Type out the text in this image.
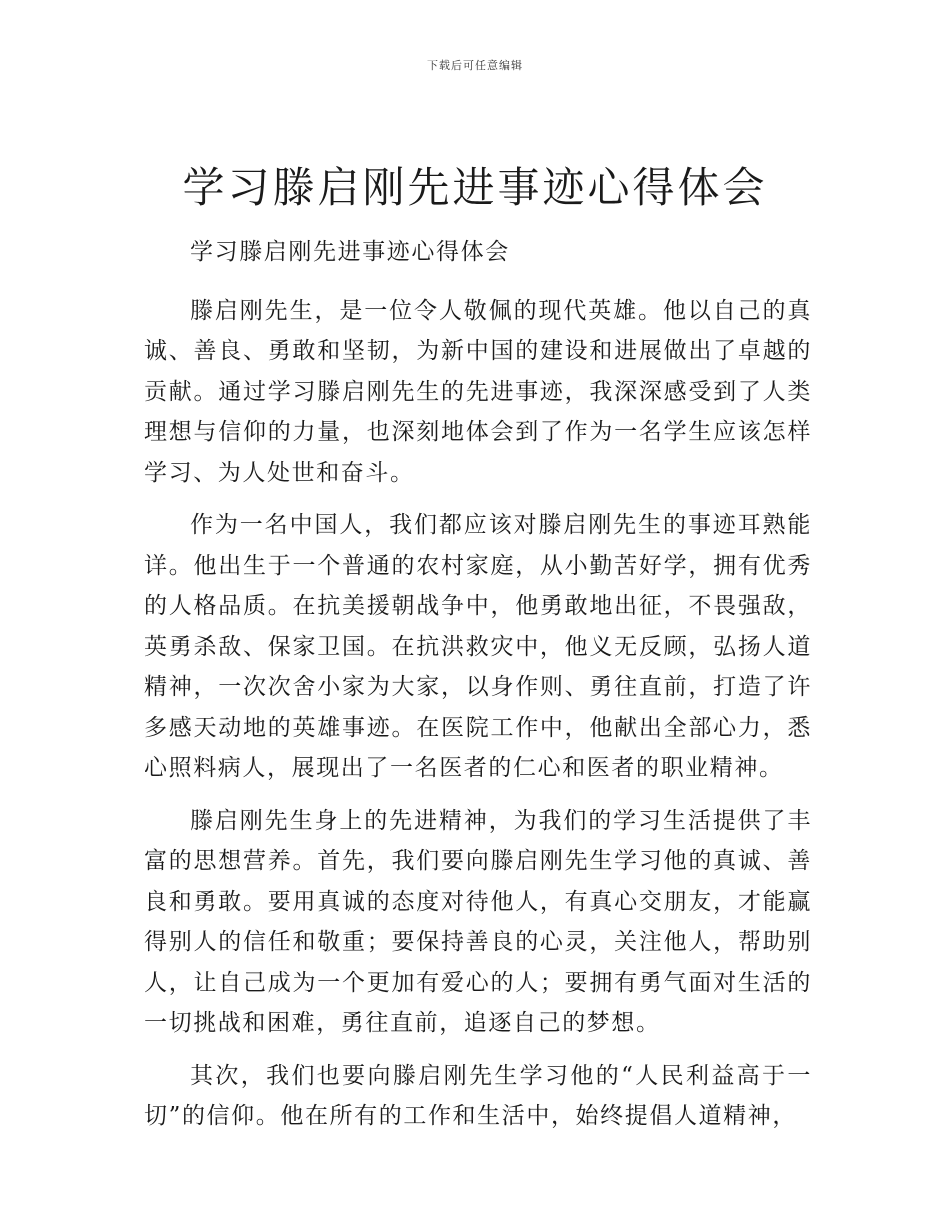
下载后可任意编辑
学习滕启刚先进事迹心得体会

学习滕启刚先进事迹心得体会

滕启刚先生，是一位令人敬佩的现代英雄。他以自己的真诚、善良、勇敢和坚韧，为新中国的建设和进展做出了卓越的贡献。通过学习滕启刚先生的先进事迹，我深深感受到了人类理想与信仰的力量，也深刻地体会到了作为一名学生应该怎样学习、为人处世和奋斗。

作为一名中国人，我们都应该对滕启刚先生的事迹耳熟能详。他出生于一个普通的农村家庭，从小勤苦好学，拥有优秀的人格品质。在抗美援朝战争中，他勇敢地出征，不畏强敌，英勇杀敌、保家卫国。在抗洪救灾中，他义无反顾，弘扬人道精神，一次次舍小家为大家，以身作则、勇往直前，打造了许多感天动地的英雄事迹。在医院工作中，他献出全部心力，悉心照料病人，展现出了一名医者的仁心和医者的职业精神。

滕启刚先生身上的先进精神，为我们的学习生活提供了丰富的思想营养。首先，我们要向滕启刚先生学习他的真诚、善良和勇敢。要用真诚的态度对待他人，有真心交朋友，才能赢得别人的信任和敬重；要保持善良的心灵，关注他人，帮助别人，让自己成为一个更加有爱心的人；要拥有勇气面对生活的一切挑战和困难，勇往直前，追逐自己的梦想。

其次，我们也要向滕启刚先生学习他的“人民利益高于一切”的信仰。他在所有的工作和生活中，始终提倡人道精神，
